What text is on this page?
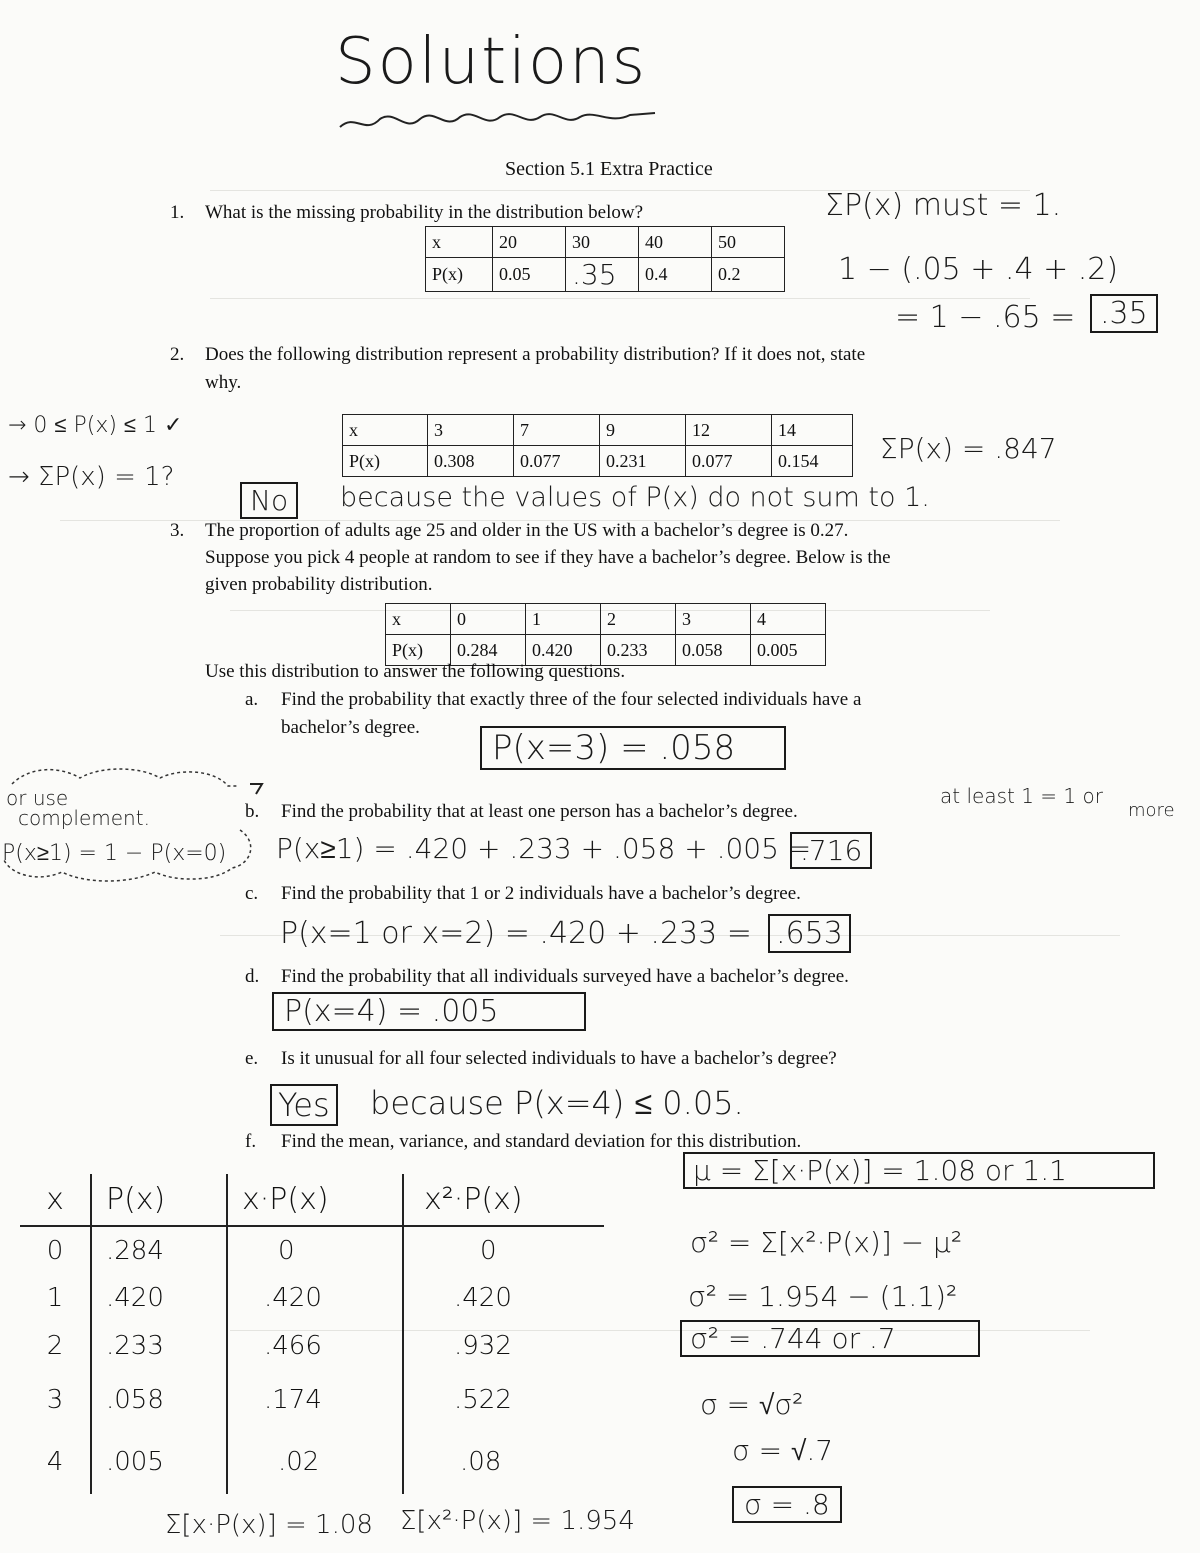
Solutions
Section 5.1 Extra Practice
1. What is the missing probability in the distribution below?
x	20	30	40	50
P(x)	0.05	.35	0.4	0.2
ΣP(x) must = 1.
1 − (.05 + .4 + .2)
= 1 − .65 = .35
2. Does the following distribution represent a probability distribution? If it does not, state
why.
→ 0 ≤ P(x) ≤ 1 ✓
→ ΣP(x) = 1?
x	3	7	9	12	14
P(x)	0.308	0.077	0.231	0.077	0.154 ΣP(x) = .847
No	because the values of P(x) do not sum to 1.
3. The proportion of adults age 25 and older in the US with a bachelor’s degree is 0.27.
Suppose you pick 4 people at random to see if they have a bachelor’s degree. Below is the
given probability distribution.
x	0	1	2	3	4
P(x)	0.284	0.420	0.233	0.058	0.005
Use this distribution to answer the following questions.
a. Find the probability that exactly three of the four selected individuals have a
bachelor’s degree.
P(x=3) = .058
or use
complement.
P(x≥1) = 1 − P(x=0)
b. Find the probability that at least one person has a bachelor’s degree.
at least 1 = 1 or
more
P(x≥1) = .420 + .233 + .058 + .005 =
.716
c. Find the probability that 1 or 2 individuals have a bachelor’s degree.
P(x=1 or x=2) = .420 + .233 = .653
d. Find the probability that all individuals surveyed have a bachelor’s degree.
P(x=4) = .005
e. Is it unusual for all four selected individuals to have a bachelor’s degree?
Yes because P(x=4) ≤ 0.05.
f. Find the mean, variance, and standard deviation for this distribution.
x	P(x)	x·P(x)	x²·P(x)
0	.284	0	0
1	.420	.420	.420
2	.233	.466	.932
3	.058	.174	.522
4	.005	.02	.08
Σ[x·P(x)] = 1.08 Σ[x²·P(x)] = 1.954
μ = Σ[x·P(x)] = 1.08 or 1.1
σ² = Σ[x²·P(x)] − μ²
σ² = 1.954 − (1.1)²
σ² = .744 or .7
σ = √σ²
σ = √.7
σ = .8
